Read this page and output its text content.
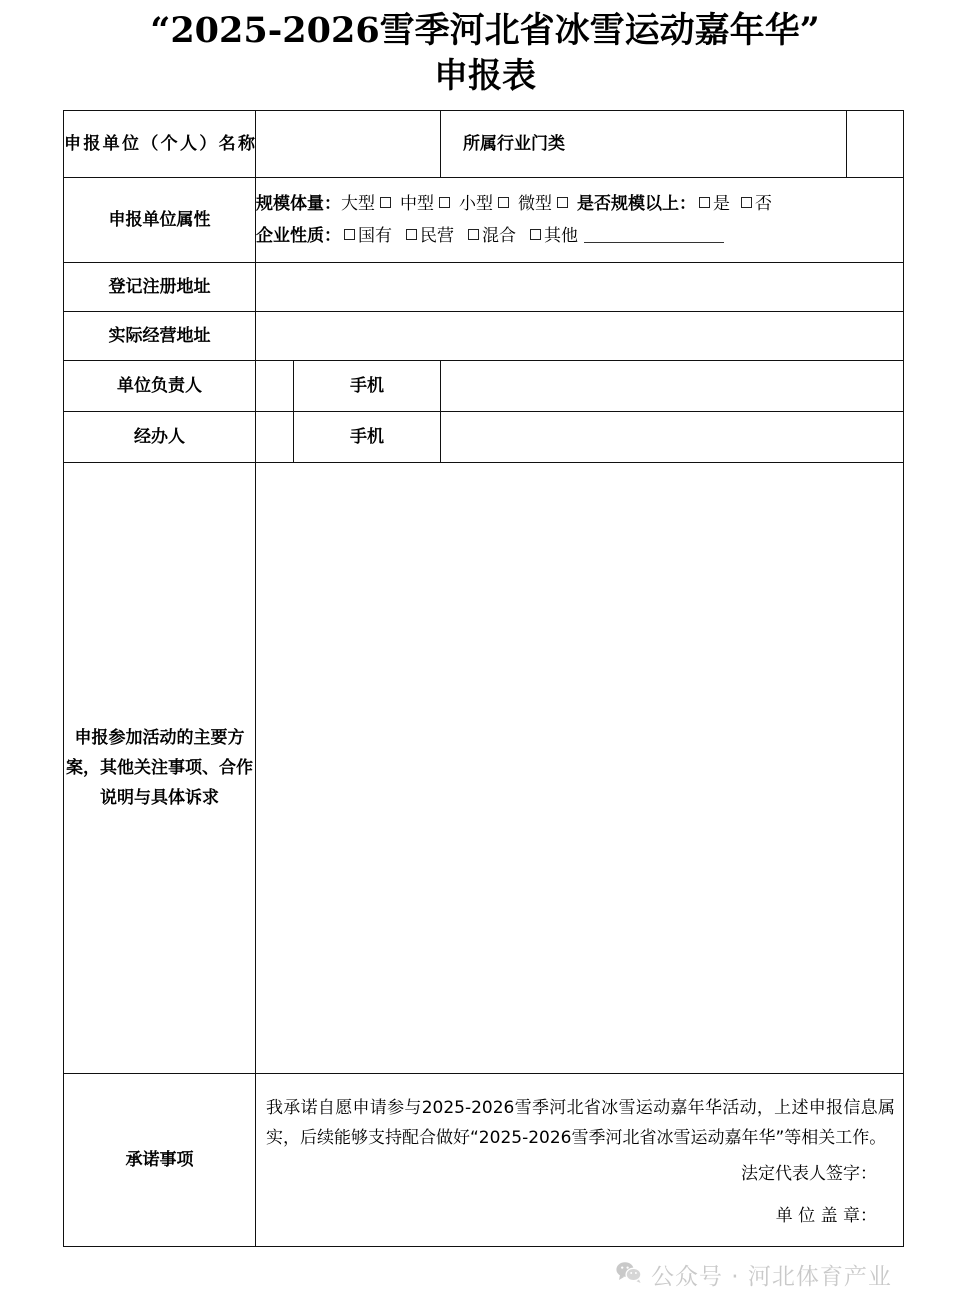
“2025-2026雪季河北省冰雪运动嘉年华”
申报表
申报单位（个人）名称			所属行业门类	
申报单位属性	规模体量：大型 中型 小型 微型 是否规模以上： 是 否
企业性质： 国有 民营 混合 其他			

登记注册地址				
实际经营地址				
单位负责人		手机		
经办人		手机		
申报参加活动的主要方案，其他关注事项、合作说明与具体诉求				
承诺事项	我承诺自愿申请参与2025-2026雪季河北省冰雪运动嘉年华活动，上述申报信息属实，后续能够支持配合做好“2025-2026雪季河北省冰雪运动嘉年华”等相关工作。
法定代表人签字：
单 位 盖 章：			
公众号 · 河北体育产业
